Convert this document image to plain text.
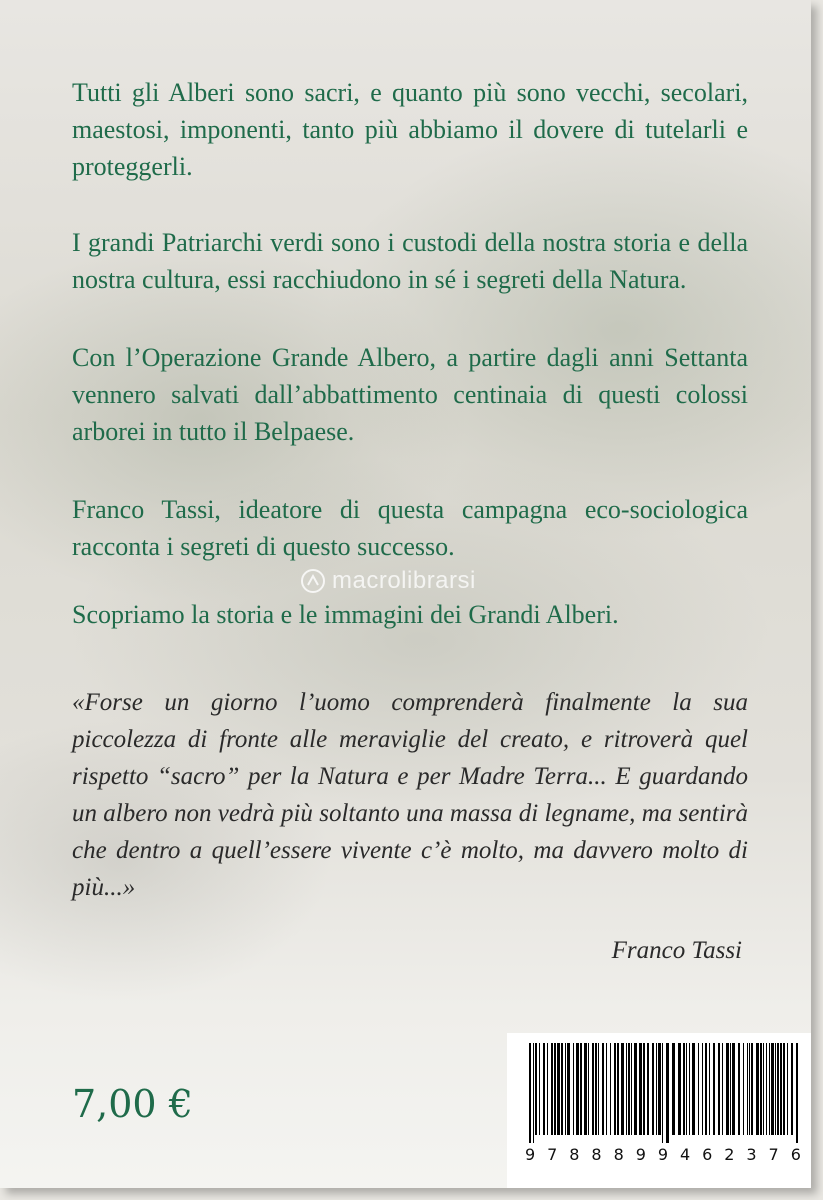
Tutti gli Alberi sono sacri, e quanto più sono vecchi, secolari, maestosi, imponenti, tanto più abbiamo il dovere di tutelarli e proteggerli.

I grandi Patriarchi verdi sono i custodi della nostra storia e della nostra cultura, essi racchiudono in sé i segreti della Natura.

Con l’Operazione Grande Albero, a partire dagli anni Settanta vennero salvati dall’abbattimento centinaia di questi colossi arborei in tutto il Belpaese.

Franco Tassi, ideatore di questa campagna eco-sociologica racconta i segreti di questo successo.

Scopriamo la storia e le immagini dei Grandi Alberi.

macrolibrarsi

«Forse un giorno l’uomo comprenderà finalmente la sua piccolezza di fronte alle meraviglie del creato, e ritroverà quel rispetto “sacro” per la Natura e per Madre Terra... E guardando un albero non vedrà più soltanto una massa di legname, ma sentirà che dentro a quell’essere vivente c’è molto, ma davvero molto di più...»

Franco Tassi
7,00 €
9 7 8 8 8 9 9 4 6 2 3 7 6
